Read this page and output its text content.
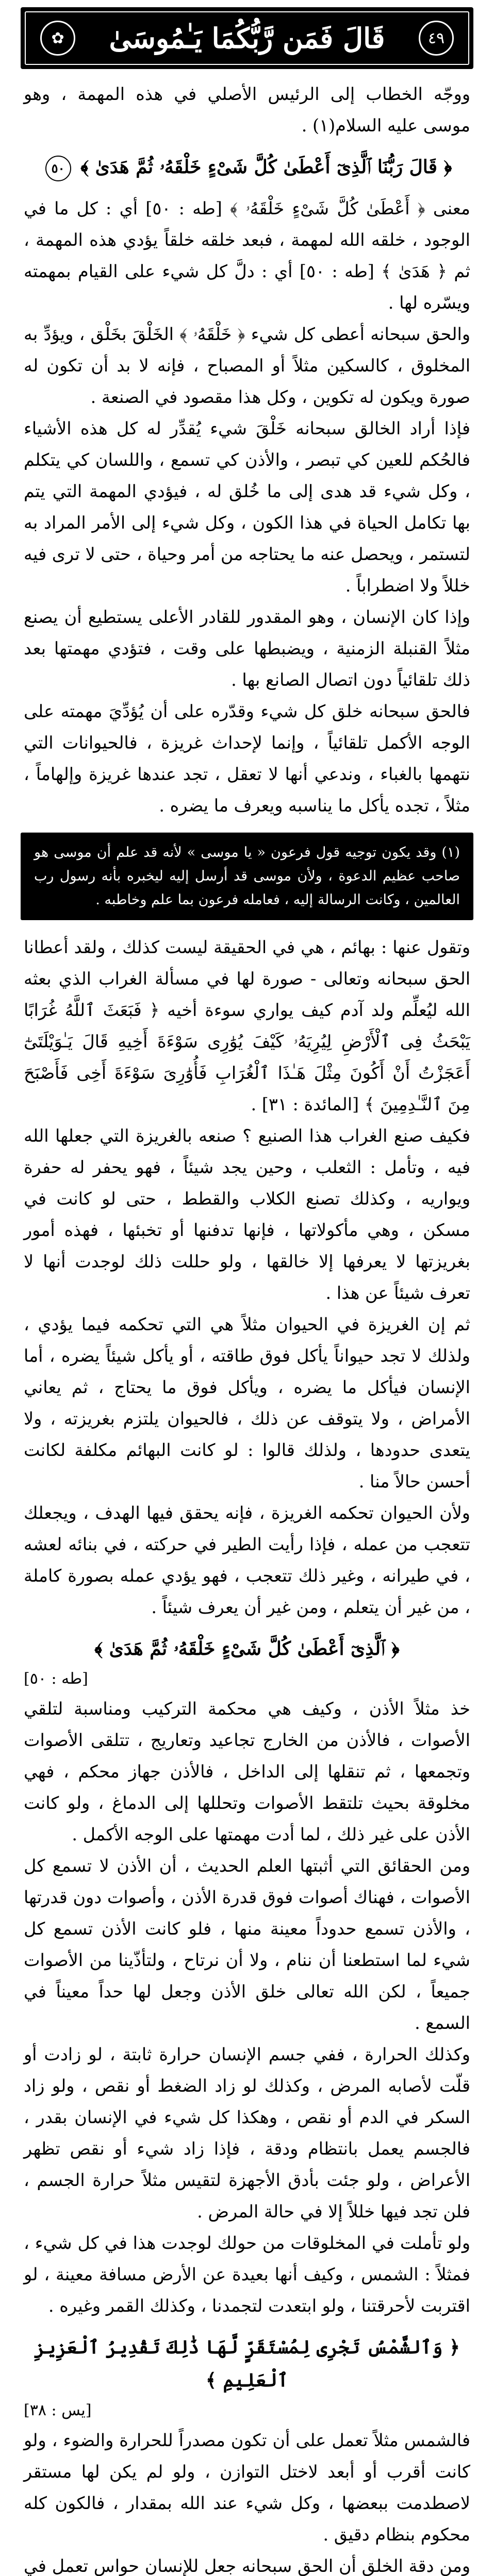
٤٩
قَالَ فَمَن رَّبُّكُمَا يَـٰمُوسَىٰ
✿

ووجّه الخطاب إلى الرئيس الأصلي في هذه المهمة ، وهو موسى عليه السلام(١) .

﴿ قَالَ رَبُّنَا ٱلَّذِىٓ أَعْطَىٰ كُلَّ شَىْءٍ خَلْقَهُۥ ثُمَّ هَدَىٰ ﴾ ٥٠

معنى ﴿ أَعْطَىٰ كُلَّ شَىْءٍ خَلْقَهُۥ ﴾ [طه : ٥٠] أي : كل ما في الوجود ، خلقه الله لمهمة ، فبعد خلقه خلقاً يؤدي هذه المهمة ، ثم ﴿ هَدَىٰ ﴾ [طه : ٥٠] أي : دلَّ كل شيء على القيام بمهمته ويسّره لها .

والحق سبحانه أعطى كل شيء ﴿ خَلْقَهُۥ ﴾ الخَلْقَ بخَلْق ، ويؤدِّ به المخلوق ، كالسكين مثلاً أو المصباح ، فإنه لا بد أن تكون له صورة ويكون له تكوين ، وكل هذا مقصود في الصنعة .

فإذا أراد الخالق سبحانه خَلْقَ شيء يُقدِّر له كل هذه الأشياء فالحُكم للعين كي تبصر ، والأذن كي تسمع ، واللسان كي يتكلم ، وكل شيء قد هدى إلى ما خُلق له ، فيؤدي المهمة التي يتم بها تكامل الحياة في هذا الكون ، وكل شيء إلى الأمر المراد به لتستمر ، ويحصل عنه ما يحتاجه من أمر وحياة ، حتى لا ترى فيه خللاً ولا اضطراباً .

وإذا كان الإنسان ، وهو المقدور للقادر الأعلى يستطيع أن يصنع مثلاً القنبلة الزمنية ، ويضبطها على وقت ، فتؤدي مهمتها بعد ذلك تلقائياً دون اتصال الصانع بها .

فالحق سبحانه خلق كل شيء وقدّره على أن يُؤدِّيَ مهمته على الوجه الأكمل تلقائياً ، وإنما لإحداث غريزة ، فالحيوانات التي نتهمها بالغباء ، وندعي أنها لا تعقل ، تجد عندها غريزة وإلهاماً ، مثلاً ، تجده يأكل ما يناسبه ويعرف ما يضره .

(١) وقد يكون توجيه قول فرعون « يا موسى » لأنه قد علم أن موسى هو صاحب عظيم الدعوة ، ولأن موسى قد أرسل إليه ليخبره بأنه رسول رب العالمين ، وكانت الرسالة إليه ، فعامله فرعون بما علم وخاطبه .

وتقول عنها : بهائم ، هي في الحقيقة ليست كذلك ، ولقد أعطانا الحق سبحانه وتعالى - صورة لها في مسألة الغراب الذي بعثه الله ليُعلِّم ولد آدم كيف يواري سوءة أخيه ﴿ فَبَعَثَ ٱللَّهُ غُرَابًا يَبْحَثُ فِى ٱلْأَرْضِ لِيُرِيَهُۥ كَيْفَ يُوَٰرِى سَوْءَةَ أَخِيهِ قَالَ يَـٰوَيْلَتَىٰٓ أَعَجَزْتُ أَنْ أَكُونَ مِثْلَ هَـٰذَا ٱلْغُرَابِ فَأُوَٰرِىَ سَوْءَةَ أَخِى فَأَصْبَحَ مِنَ ٱلنَّـٰدِمِينَ ﴾ [المائدة : ٣١] .

فكيف صنع الغراب هذا الصنيع ؟ صنعه بالغريزة التي جعلها الله فيه ، وتأمل : الثعلب ، وحين يجد شيئاً ، فهو يحفر له حفرة ويواريه ، وكذلك تصنع الكلاب والقطط ، حتى لو كانت في مسكن ، وهي مأكولاتها ، فإنها تدفنها أو تخبئها ، فهذه أمور بغريزتها لا يعرفها إلا خالقها ، ولو حللت ذلك لوجدت أنها لا تعرف شيئاً عن هذا .

ثم إن الغريزة في الحيوان مثلاً هي التي تحكمه فيما يؤدي ، ولذلك لا تجد حيواناً يأكل فوق طاقته ، أو يأكل شيئاً يضره ، أما الإنسان فيأكل ما يضره ، ويأكل فوق ما يحتاج ، ثم يعاني الأمراض ، ولا يتوقف عن ذلك ، فالحيوان يلتزم بغريزته ، ولا يتعدى حدودها ، ولذلك قالوا : لو كانت البهائم مكلفة لكانت أحسن حالاً منا .

ولأن الحيوان تحكمه الغريزة ، فإنه يحقق فيها الهدف ، ويجعلك تتعجب من عمله ، فإذا رأيت الطير في حركته ، في بنائه لعشه ، في طيرانه ، وغير ذلك تتعجب ، فهو يؤدي عمله بصورة كاملة ، من غير أن يتعلم ، ومن غير أن يعرف شيئاً .

﴿ ٱلَّذِىٓ أَعْطَىٰ كُلَّ شَىْءٍ خَلْقَهُۥ ثُمَّ هَدَىٰ ﴾

[طه : ٥٠]

خذ مثلاً الأذن ، وكيف هي محكمة التركيب ومناسبة لتلقي الأصوات ، فالأذن من الخارج تجاعيد وتعاريج ، تتلقى الأصوات وتجمعها ، ثم تنقلها إلى الداخل ، فالأذن جهاز محكم ، فهي مخلوقة بحيث تلتقط الأصوات وتحللها إلى الدماغ ، ولو كانت الأذن على غير ذلك ، لما أدت مهمتها على الوجه الأكمل .

ومن الحقائق التي أثبتها العلم الحديث ، أن الأذن لا تسمع كل الأصوات ، فهناك أصوات فوق قدرة الأذن ، وأصوات دون قدرتها ، والأذن تسمع حدوداً معينة منها ، فلو كانت الأذن تسمع كل شيء لما استطعنا أن ننام ، ولا أن نرتاح ، ولتأذّينا من الأصوات جميعاً ، لكن الله تعالى خلق الأذن وجعل لها حداً معيناً في السمع .

وكذلك الحرارة ، ففي جسم الإنسان حرارة ثابتة ، لو زادت أو قلّت لأصابه المرض ، وكذلك لو زاد الضغط أو نقص ، ولو زاد السكر في الدم أو نقص ، وهكذا كل شيء في الإنسان بقدر ، فالجسم يعمل بانتظام ودقة ، فإذا زاد شيء أو نقص تظهر الأعراض ، ولو جئت بأدق الأجهزة لتقيس مثلاً حرارة الجسم ، فلن تجد فيها خللاً إلا في حالة المرض .

ولو تأملت في المخلوقات من حولك لوجدت هذا في كل شيء ، فمثلاً : الشمس ، وكيف أنها بعيدة عن الأرض مسافة معينة ، لو اقتربت لأحرقتنا ، ولو ابتعدت لتجمدنا ، وكذلك القمر وغيره .

﴿ وَٱلشَّمْسُ تَجْرِى لِمُسْتَقَرٍّ لَّهَا ذَٰلِكَ تَقْدِيرُ ٱلْعَزِيزِ ٱلْعَلِيمِ ﴾

[يس : ٣٨]

فالشمس مثلاً تعمل على أن تكون مصدراً للحرارة والضوء ، ولو كانت أقرب أو أبعد لاختل التوازن ، ولو لم يكن لها مستقر لاصطدمت ببعضها ، وكل شيء عند الله بمقدار ، فالكون كله محكوم بنظام دقيق .

ومن دقة الخلق أن الحق سبحانه جعل للإنسان حواس تعمل في
